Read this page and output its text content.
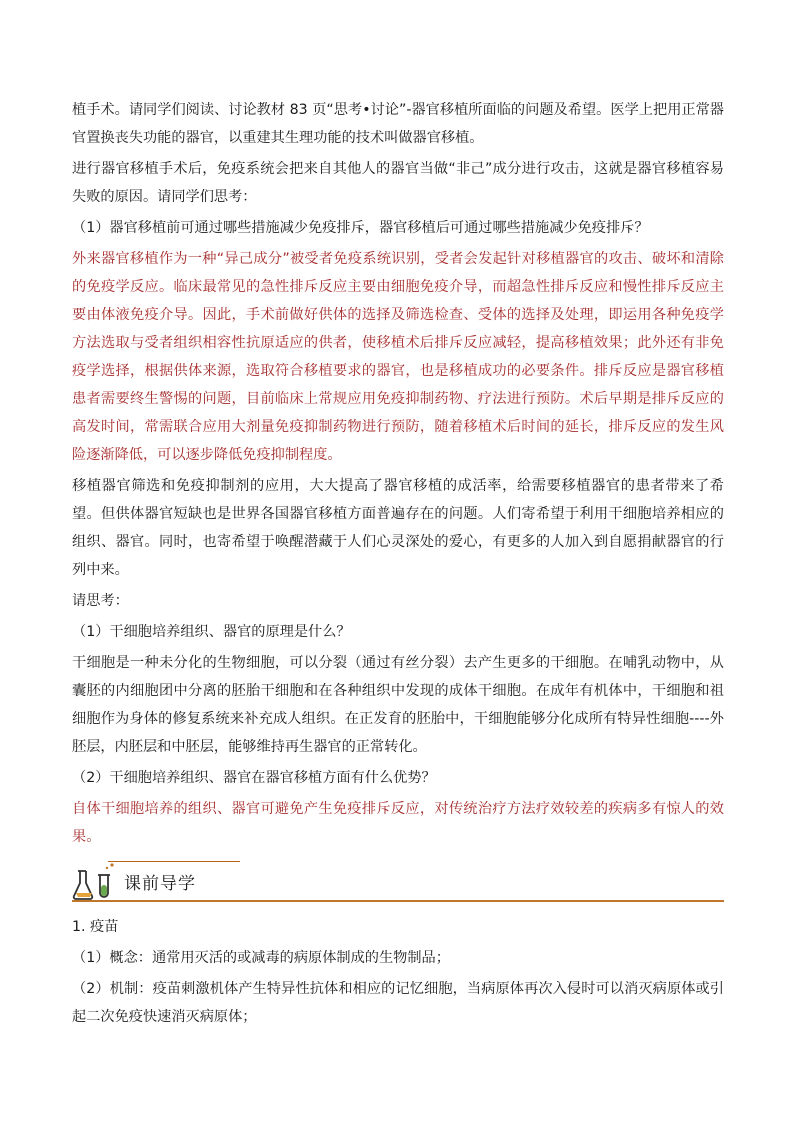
植手术。请同学们阅读、讨论教材 83 页“思考•讨论”-器官移植所面临的问题及希望。医学上把用正常器官置换丧失功能的器官，以重建其生理功能的技术叫做器官移植。

进行器官移植手术后，免疫系统会把来自其他人的器官当做“非己”成分进行攻击，这就是器官移植容易失败的原因。请同学们思考：

（1）器官移植前可通过哪些措施减少免疫排斥，器官移植后可通过哪些措施减少免疫排斥？

外来器官移植作为一种“异己成分”被受者免疫系统识别，受者会发起针对移植器官的攻击、破坏和清除的免疫学反应。临床最常见的急性排斥反应主要由细胞免疫介导，而超急性排斥反应和慢性排斥反应主要由体液免疫介导。因此，手术前做好供体的选择及筛选检查、受体的选择及处理，即运用各种免疫学方法选取与受者组织相容性抗原适应的供者，使移植术后排斥反应减轻，提高移植效果；此外还有非免疫学选择，根据供体来源，选取符合移植要求的器官，也是移植成功的必要条件。排斥反应是器官移植患者需要终生警惕的问题，目前临床上常规应用免疫抑制药物、疗法进行预防。术后早期是排斥反应的高发时间，常需联合应用大剂量免疫抑制药物进行预防，随着移植术后时间的延长，排斥反应的发生风险逐渐降低，可以逐步降低免疫抑制程度。

移植器官筛选和免疫抑制剂的应用，大大提高了器官移植的成活率，给需要移植器官的患者带来了希望。但供体器官短缺也是世界各国器官移植方面普遍存在的问题。人们寄希望于利用干细胞培养相应的组织、器官。同时，也寄希望于唤醒潜藏于人们心灵深处的爱心，有更多的人加入到自愿捐献器官的行列中来。

请思考：

（1）干细胞培养组织、器官的原理是什么？

干细胞是一种未分化的生物细胞，可以分裂（通过有丝分裂）去产生更多的干细胞。在哺乳动物中，从囊胚的内细胞团中分离的胚胎干细胞和在各种组织中发现的成体干细胞。在成年有机体中，干细胞和祖细胞作为身体的修复系统来补充成人组织。在正发育的胚胎中，干细胞能够分化成所有特异性细胞----外胚层，内胚层和中胚层，能够维持再生器官的正常转化。

（2）干细胞培养组织、器官在器官移植方面有什么优势？

自体干细胞培养的组织、器官可避免产生免疫排斥反应，对传统治疗方法疗效较差的疾病多有惊人的效果。

课前导学

1. 疫苗

（1）概念：通常用灭活的或减毒的病原体制成的生物制品；

（2）机制：疫苗刺激机体产生特异性抗体和相应的记忆细胞，当病原体再次入侵时可以消灭病原体或引起二次免疫快速消灭病原体；
